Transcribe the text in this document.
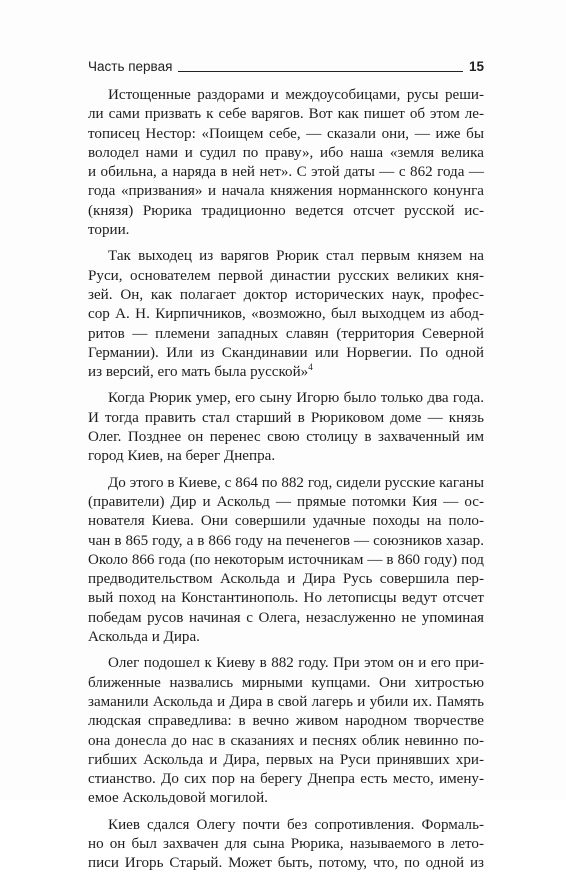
Часть первая	15
Истощенные раздорами и междоусобицами, русы реши-
ли сами призвать к себе варягов. Вот как пишет об этом ле-
тописец Нестор: «Поищем себе, — сказали они, — иже бы
володел нами и судил по праву», ибо наша «земля велика
и обильна, а наряда в ней нет». С этой даты — с 862 года —
года «призвания» и начала княжения норманнского конунга
(князя) Рюрика традиционно ведется отсчет русской ис-
тории.
Так выходец из варягов Рюрик стал первым князем на
Руси, основателем первой династии русских великих кня-
зей. Он, как полагает доктор исторических наук, профес-
сор А. Н. Кирпичников, «возможно, был выходцем из абод-
ритов — племени западных славян (территория Северной
Германии). Или из Скандинавии или Норвегии. По одной
из версий, его мать была русской»$^4$
Когда Рюрик умер, его сыну Игорю было только два года.
И тогда править стал старший в Рюриковом доме — князь
Олег. Позднее он перенес свою столицу в захваченный им
город Киев, на берег Днепра.
До этого в Киеве, с 864 по 882 год, сидели русские каганы
(правители) Дир и Аскольд — прямые потомки Кия — ос-
нователя Киева. Они совершили удачные походы на поло-
чан в 865 году, а в 866 году на печенегов — союзников хазар.
Около 866 года (по некоторым источникам — в 860 году) под
предводительством Аскольда и Дира Русь совершила пер-
вый поход на Константинополь. Но летописцы ведут отсчет
победам русов начиная с Олега, незаслуженно не упоминая
Аскольда и Дира.
Олег подошел к Киеву в 882 году. При этом он и его при-
ближенные назвались мирными купцами. Они хитростью
заманили Аскольда и Дира в свой лагерь и убили их. Память
людская справедлива: в вечно живом народном творчестве
она донесла до нас в сказаниях и песнях облик невинно по-
гибших Аскольда и Дира, первых на Руси принявших хри-
стианство. До сих пор на берегу Днепра есть место, имену-
емое Аскольдовой могилой.
Киев сдался Олегу почти без сопротивления. Формаль-
но он был захвачен для сына Рюрика, называемого в лето-
писи Игорь Старый. Может быть, потому, что, по одной из
